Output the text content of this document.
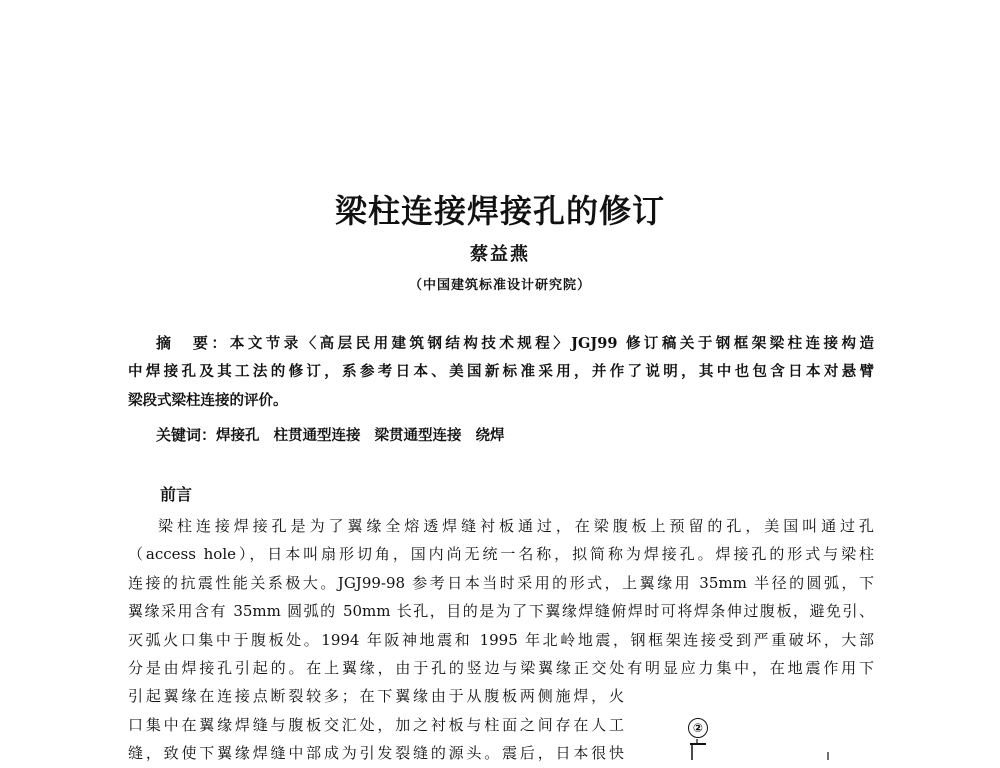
梁柱连接焊接孔的修订
蔡益燕
（中国建筑标准设计研究院）
摘　要：本文节录〈高层民用建筑钢结构技术规程〉JGJ99 修订稿关于钢框架梁柱连接构造
中焊接孔及其工法的修订，系参考日本、美国新标准采用，并作了说明，其中也包含日本对悬臂
梁段式梁柱连接的评价。
关键词：焊接孔 柱贯通型连接 梁贯通型连接 绕焊
前言
梁柱连接焊接孔是为了翼缘全熔透焊缝衬板通过，在梁腹板上预留的孔，美国叫通过孔
（access hole），日本叫扇形切角，国内尚无统一名称，拟简称为焊接孔。焊接孔的形式与梁柱
连接的抗震性能关系极大。JGJ99-98 参考日本当时采用的形式，上翼缘用 35mm 半径的圆弧，下
翼缘采用含有 35mm 圆弧的 50mm 长孔，目的是为了下翼缘焊缝俯焊时可将焊条伸过腹板，避免引、
灭弧火口集中于腹板处。1994 年阪神地震和 1995 年北岭地震，钢框架连接受到严重破坏，大部
分是由焊接孔引起的。在上翼缘，由于孔的竖边与梁翼缘正交处有明显应力集中，在地震作用下
引起翼缘在连接点断裂较多；在下翼缘由于从腹板两侧施焊，火
口集中在翼缘焊缝与腹板交汇处，加之衬板与柱面之间存在人工
缝，致使下翼缘焊缝中部成为引发裂缝的源头。震后，日本很快
②
